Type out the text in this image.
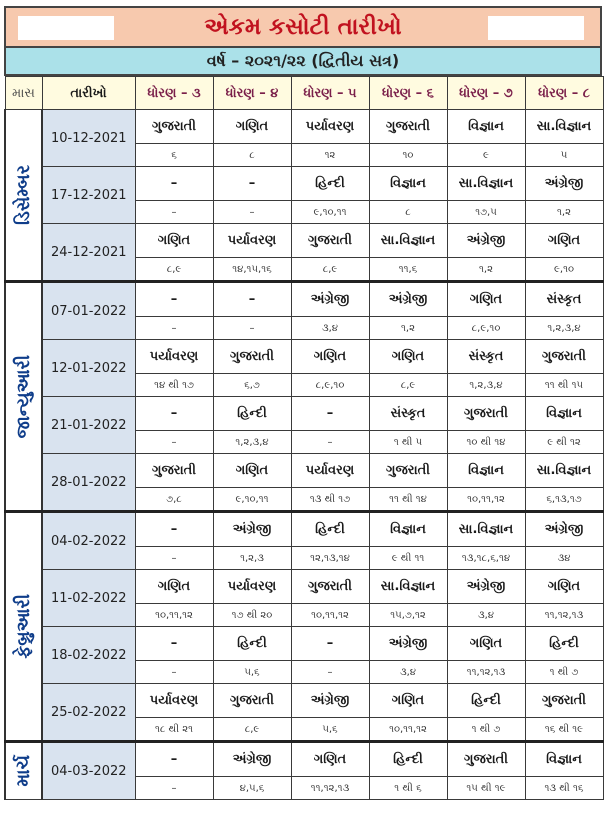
એકમ કસોટી તારીખો
વર્ષ – ૨૦૨૧/૨૨ (દ્વિતીય સત્ર)
માસ	તારીખો	ધોરણ – ૩	ધોરણ – ૪	ધોરણ – ૫	ધોરણ – ૬	ધોરણ – ૭	ધોરણ – ૮

ડિસેમ્બર	10-12-2021	ગુજરાતી	ગણિત	પર્યાવરણ	ગુજરાતી	વિજ્ઞાન	સા.વિજ્ઞાન
		૬	૮	૧૨	૧૦	૯	૫
	17-12-2021	–	–	હિન્દી	વિજ્ઞાન	સા.વિજ્ઞાન	અંગ્રેજી
		–	–	૯,૧૦,૧૧	૮	૧૭,૫	૧,૨
	24-12-2021	ગણિત	પર્યાવરણ	ગુજરાતી	સા.વિજ્ઞાન	અંગ્રેજી	ગણિત
		૮,૯	૧૪,૧૫,૧૬	૮,૯	૧૧,૬	૧,૨	૯,૧૦

જાન્યુઆરી	07-01-2022	–	–	અંગ્રેજી	અંગ્રેજી	ગણિત	સંસ્કૃત
		–	–	૩,૪	૧,૨	૮,૯,૧૦	૧,૨,૩,૪
	12-01-2022	પર્યાવરણ	ગુજરાતી	ગણિત	ગણિત	સંસ્કૃત	ગુજરાતી
		૧૪ થી ૧૭	૬,૭	૮,૯,૧૦	૮,૯	૧,૨,૩,૪	૧૧ થી ૧૫
	21-01-2022	–	હિન્દી	–	સંસ્કૃત	ગુજરાતી	વિજ્ઞાન
		–	૧,૨,૩,૪	–	૧ થી ૫	૧૦ થી ૧૪	૯ થી ૧૨
	28-01-2022	ગુજરાતી	ગણિત	પર્યાવરણ	ગુજરાતી	વિજ્ઞાન	સા.વિજ્ઞાન
		૭,૮	૯,૧૦,૧૧	૧૩ થી ૧૭	૧૧ થી ૧૪	૧૦,૧૧,૧૨	૬,૧૩,૧૭

ફેબ્રુઆરી	04-02-2022	–	અંગ્રેજી	હિન્દી	વિજ્ઞાન	સા.વિજ્ઞાન	અંગ્રેજી
		–	૧,૨,૩	૧૨,૧૩,૧૪	૯ થી ૧૧	૧૩,૧૮,૬,૧૪	૩૪
	11-02-2022	ગણિત	પર્યાવરણ	ગુજરાતી	સા.વિજ્ઞાન	અંગ્રેજી	ગણિત
		૧૦,૧૧,૧૨	૧૭ થી ૨૦	૧૦,૧૧,૧૨	૧૫,૭,૧૨	૩,૪	૧૧,૧૨,૧૩
	18-02-2022	–	હિન્દી	–	અંગ્રેજી	ગણિત	હિન્દી
		–	૫,૬	–	૩,૪	૧૧,૧૨,૧૩	૧ થી ૭
	25-02-2022	પર્યાવરણ	ગુજરાતી	અંગ્રેજી	ગણિત	હિન્દી	ગુજરાતી
		૧૮ થી ૨૧	૮,૯	૫,૬	૧૦,૧૧,૧૨	૧ થી ૭	૧૬ થી ૧૯

માર્ચ	04-03-2022	–	અંગ્રેજી	ગણિત	હિન્દી	ગુજરાતી	વિજ્ઞાન
		–	૪,૫,૬	૧૧,૧૨,૧૩	૧ થી ૬	૧૫ થી ૧૯	૧૩ થી ૧૬
